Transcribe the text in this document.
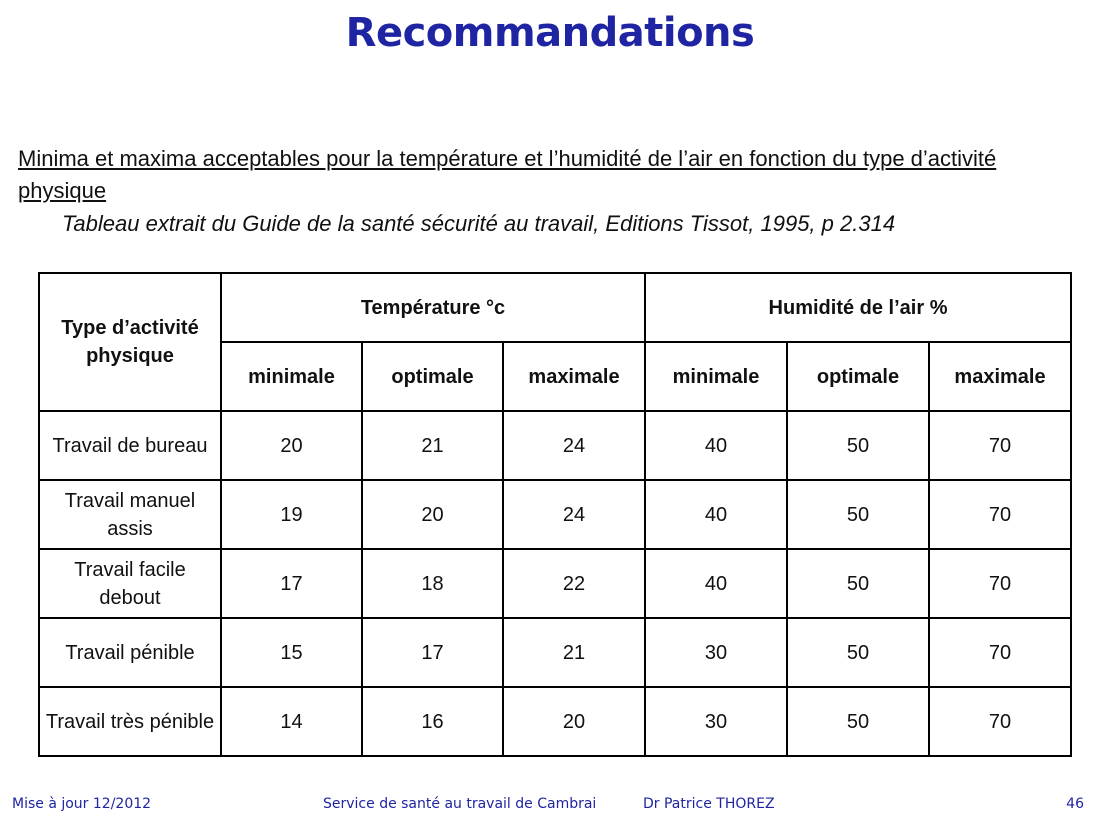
Recommandations
Minima et maxima acceptables pour la température et l’humidité de l’air en fonction du type d’activité physique
Tableau extrait du Guide de la santé sécurité au travail, Editions Tissot, 1995, p 2.314
Type d’activité physique	Température °c			Humidité de l’air %		
	minimale	optimale	maximale	minimale	optimale	maximale
Travail de bureau	20	21	24	40	50	70
Travail manuel assis	19	20	24	40	50	70
Travail facile debout	17	18	22	40	50	70
Travail pénible	15	17	21	30	50	70
Travail très pénible	14	16	20	30	50	70
Mise à jour 12/2012	Service de santé au travail de Cambrai	Dr Patrice THOREZ	46
